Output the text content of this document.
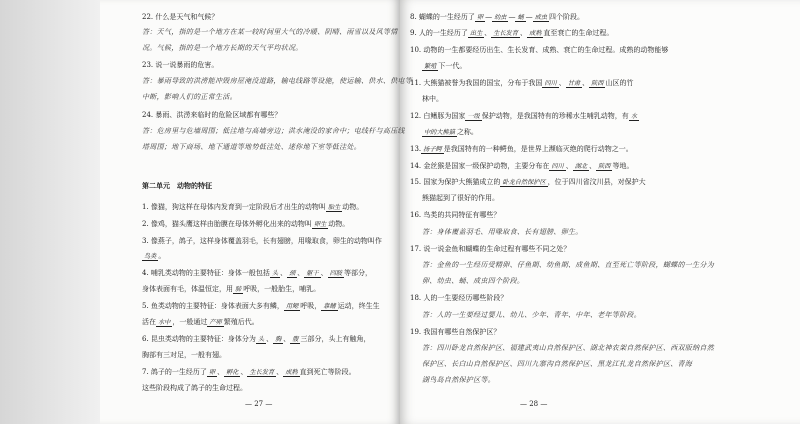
22. 什么是天气和气候？
答：天气，指的是一个地方在某一较时间里大气的冷暖、阴晴、雨雪以及风等情
况。气候，指的是一个地方长期的天气平均状况。
23. 说一说暴雨的危害。
答：暴雨导致的洪涝能冲毁房屋淹没道路，输电线路等设施，使运输、供水、供电等
中断，影响人们的正常生活。
24. 暴雨、洪涝来临时的危险区域都有哪些？
答：危房里与危墙周围；低洼地与高墙旁边；洪水淹没的家舍中；电线杆与高压线
塔周围；地下商场、地下通道等地势低洼处、迷你地下室等低洼处。
第二单元　动物的特征
1. 像猫，狗这样在母体内发育到一定阶段后才出生的动物叫 胎生 动物。
2. 像鸡，猫头鹰这样由胎膜在母体外孵化出来的动物叫 卵生 动物。
3. 像燕子，鸽子，这样身体覆盖羽毛，长有翅膀，用喙取食，卵生的动物叫作
鸟类 。
4. 哺乳类动物的主要特征：身体一般包括 头 、 颈 、 躯干 、 四肢 等部分，
身体表面有毛，体温恒定，用 肺 呼吸，一般胎生，哺乳。
5. 鱼类动物的主要特征：身体表面大多有鳞， 用鳃 呼吸， 靠鳍 运动，终生生
活在 水中 ，一般通过 产卵 繁殖后代。
6. 昆虫类动物的主要特征：身体分为 头 、 胸 、 腹 三部分，头上有触角，
胸部有三对足，一般有翅。
7. 鸽子的一生经历了 卵 、 孵化 、 生长发育 、 成熟 直到死亡等阶段。
这些阶段构成了鸽子的生命过程。
— 27 —
8. 蝴蝶的一生经历了 卵 — 幼虫 — 蛹 — 成虫 四个阶段。
9. 人的一生经历了 出生 、 生长发育 、 成熟 直至衰亡的生命过程。
10. 动物的一生都要经历出生、生长发育、成熟、衰亡的生命过程。成熟的动物能够
繁殖 下一代。
11. 大熊猫被誉为我国的国宝，分布于我国 四川 、 甘肃 、 陕西 山区的竹
林中。
12. 白鳍豚为国家 一级 保护动物，是我国特有的珍稀水生哺乳动物，有 水
中的大熊猫 之称。
13. 扬子鳄 是我国特有的一种鳄鱼，是世界上濒临灭绝的爬行动物之一。
14. 金丝猴是国家一级保护动物，主要分布在 四川 、 湖北 、 陕西 等地。
15. 国家为保护大熊猫成立的 卧龙自然保护区 ，位于四川省汶川县，对保护大
熊猫起到了很好的作用。
16. 鸟类的共同特征有哪些？
答：身体覆盖羽毛、用喙取食、长有翅膀、卵生。
17. 说一说金鱼和蝴蝶的生命过程有哪些不同之处？
答：金鱼的一生经历受精卵、仔鱼期、幼鱼期、成鱼期、直至死亡等阶段，蝴蝶的一生分为
卵、幼虫、蛹、成虫四个阶段。
18. 人的一生要经历哪些阶段？
答：人的一生要经过婴儿、幼儿、少年、青年、中年、老年等阶段。
19. 我国有哪些自然保护区？
答：四川卧龙自然保护区、福建武夷山自然保护区、湖北神农架自然保护区、西双版纳自然
保护区、长白山自然保护区、四川九寨沟自然保护区、黑龙江扎龙自然保护区、青海
湖鸟岛自然保护区等。
— 28 —
